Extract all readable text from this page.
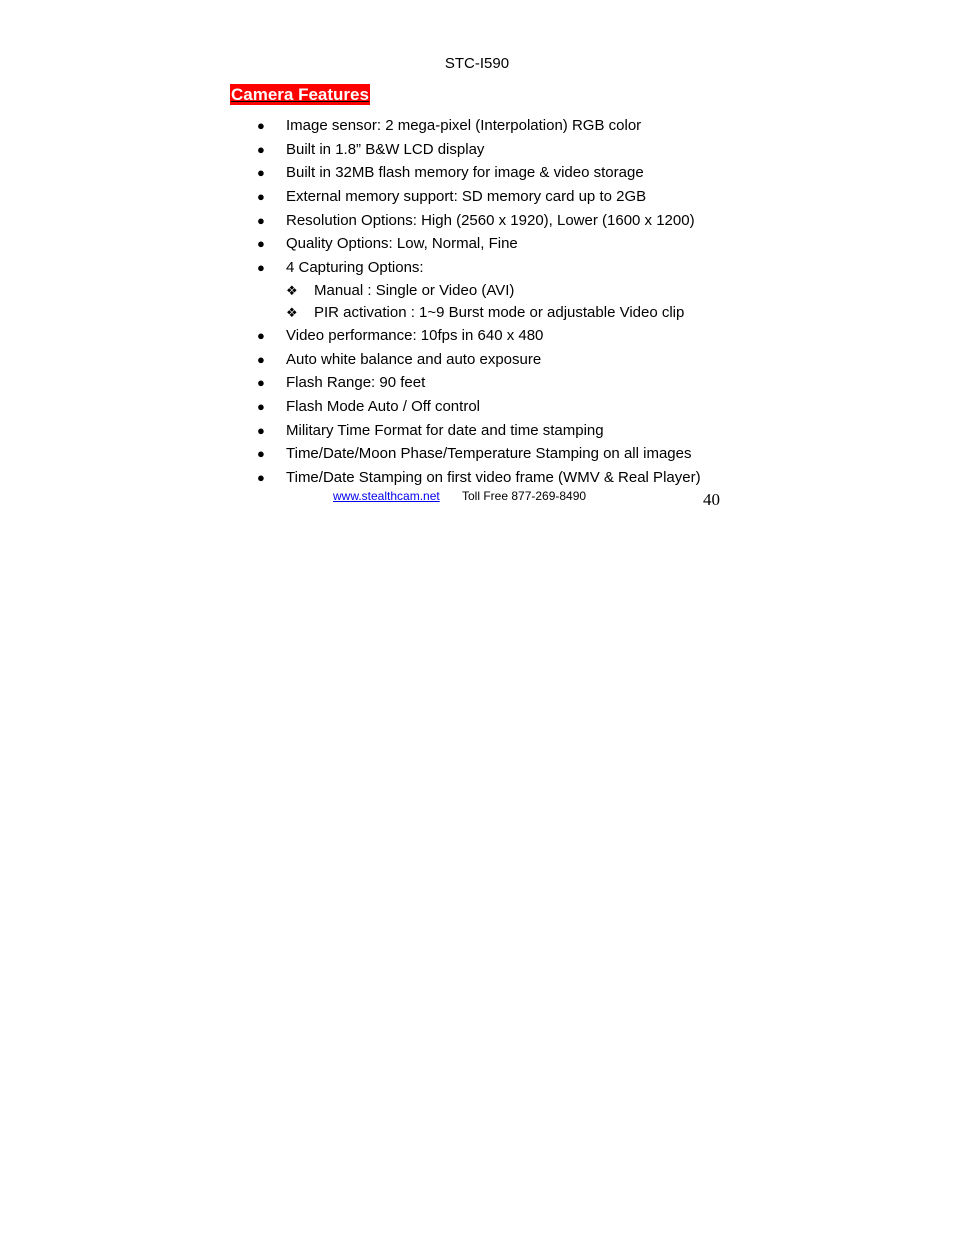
STC-I590
Camera Features
● Image sensor: 2 mega-pixel (Interpolation) RGB color
● Built in 1.8” B&W LCD display
● Built in 32MB flash memory for image & video storage
● External memory support: SD memory card up to 2GB
● Resolution Options: High (2560 x 1920), Lower (1600 x 1200)
● Quality Options: Low, Normal, Fine
● 4 Capturing Options:
❖ Manual : Single or Video (AVI)
❖ PIR activation : 1~9 Burst mode or adjustable Video clip
● Video performance: 10fps in 640 x 480
● Auto white balance and auto exposure
● Flash Range: 90 feet
● Flash Mode Auto / Off control
● Military Time Format for date and time stamping
● Time/Date/Moon Phase/Temperature Stamping on all images
● Time/Date Stamping on first video frame (WMV & Real Player)
www.stealthcam.net Toll Free 877-269-8490	40
